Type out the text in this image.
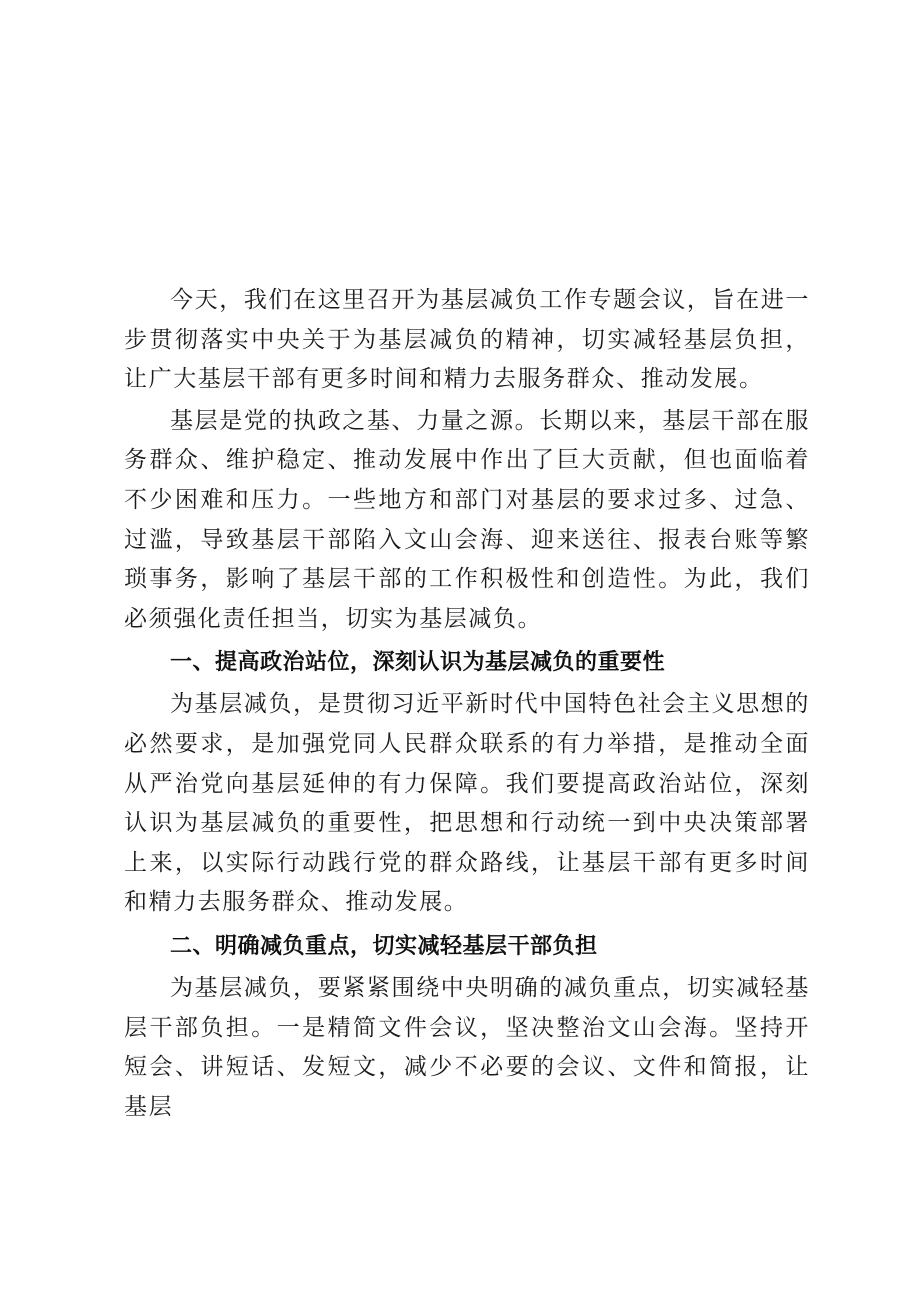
今天，我们在这里召开为基层减负工作专题会议，旨在进一步贯彻落实中央关于为基层减负的精神，切实减轻基层负担，让广大基层干部有更多时间和精力去服务群众、推动发展。

基层是党的执政之基、力量之源。长期以来，基层干部在服务群众、维护稳定、推动发展中作出了巨大贡献，但也面临着不少困难和压力。一些地方和部门对基层的要求过多、过急、过滥，导致基层干部陷入文山会海、迎来送往、报表台账等繁琐事务，影响了基层干部的工作积极性和创造性。为此，我们必须强化责任担当，切实为基层减负。

一、提高政治站位，深刻认识为基层减负的重要性

为基层减负，是贯彻习近平新时代中国特色社会主义思想的必然要求，是加强党同人民群众联系的有力举措，是推动全面从严治党向基层延伸的有力保障。我们要提高政治站位，深刻认识为基层减负的重要性，把思想和行动统一到中央决策部署上来，以实际行动践行党的群众路线，让基层干部有更多时间和精力去服务群众、推动发展。

二、明确减负重点，切实减轻基层干部负担

为基层减负，要紧紧围绕中央明确的减负重点，切实减轻基层干部负担。一是精简文件会议，坚决整治文山会海。坚持开短会、讲短话、发短文，减少不必要的会议、文件和简报，让基层
